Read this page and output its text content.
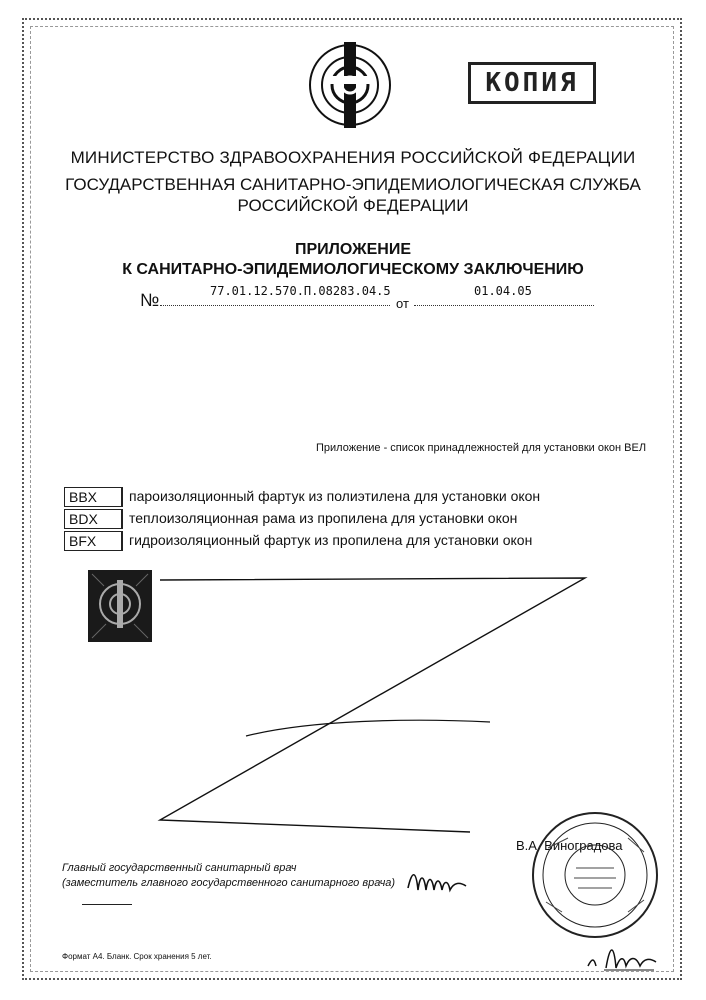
КОПИЯ
МИНИСТЕРСТВО ЗДРАВООХРАНЕНИЯ РОССИЙСКОЙ ФЕДЕРАЦИИ
ГОСУДАРСТВЕННАЯ САНИТАРНО-ЭПИДЕМИОЛОГИЧЕСКАЯ СЛУЖБА
РОССИЙСКОЙ ФЕДЕРАЦИИ
ПРИЛОЖЕНИЕ
К САНИТАРНО-ЭПИДЕМИОЛОГИЧЕСКОМУ ЗАКЛЮЧЕНИЮ
№	77.01.12.570.П.08283.04.5
от
01.04.05
Приложение - список принадлежностей для установки окон ВЕЛ
BBX	пароизоляционный фартук из полиэтилена для установки окон
BDX	теплоизоляционная рама из пропилена для установки окон
BFX	гидроизоляционный фартук из пропилена для установки окон
Главный государственный санитарный врач
(заместитель главного государственного санитарного врача)
В.А. Виноградова
Формат А4. Бланк. Срок хранения 5 лет.
